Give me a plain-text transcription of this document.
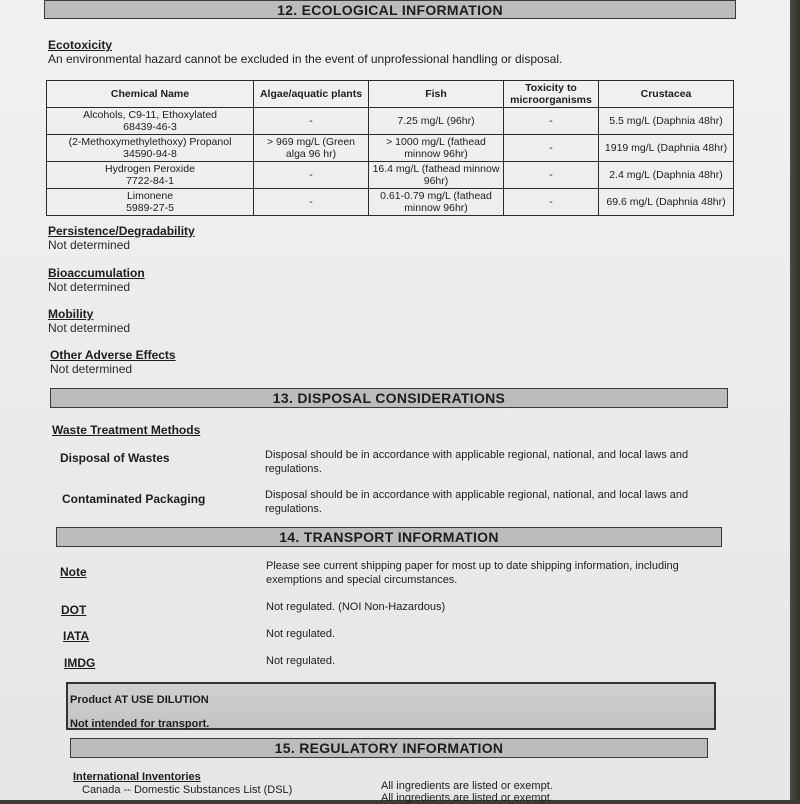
12. ECOLOGICAL INFORMATION
Ecotoxicity
An environmental hazard cannot be excluded in the event of unprofessional handling or disposal.
Chemical Name	Algae/aquatic plants	Fish	Toxicity to microorganisms	Crustacea

Alcohols, C9-11, Ethoxylated
68439-46-3	-	7.25 mg/L (96hr)	-	5.5 mg/L (Daphnia 48hr)

(2-Methoxymethylethoxy) Propanol
34590-94-8	> 969 mg/L (Green alga 96 hr)	> 1000 mg/L (fathead minnow 96hr)	-	1919 mg/L (Daphnia 48hr)

Hydrogen Peroxide
7722-84-1	-	16.4 mg/L (fathead minnow 96hr)	-	2.4 mg/L (Daphnia 48hr)

Limonene
5989-27-5	-	0.61-0.79 mg/L (fathead minnow 96hr)	-	69.6 mg/L (Daphnia 48hr)
Persistence/Degradability
Not determined
Bioaccumulation
Not determined
Mobility
Not determined
Other Adverse Effects
Not determined
13. DISPOSAL CONSIDERATIONS
Waste Treatment Methods
Disposal of Wastes	Disposal should be in accordance with applicable regional, national, and local laws and regulations.
Contaminated Packaging	Disposal should be in accordance with applicable regional, national, and local laws and regulations.
14. TRANSPORT INFORMATION
Note	Please see current shipping paper for most up to date shipping information, including exemptions and special circumstances.
DOT	Not regulated. (NOI Non-Hazardous)
IATA	Not regulated.
IMDG	Not regulated.
Product AT USE DILUTION
Not intended for transport.
15. REGULATORY INFORMATION
International Inventories
Canada -- Domestic Substances List (DSL)	All ingredients are listed or exempt.
All ingredients are listed or exempt.
